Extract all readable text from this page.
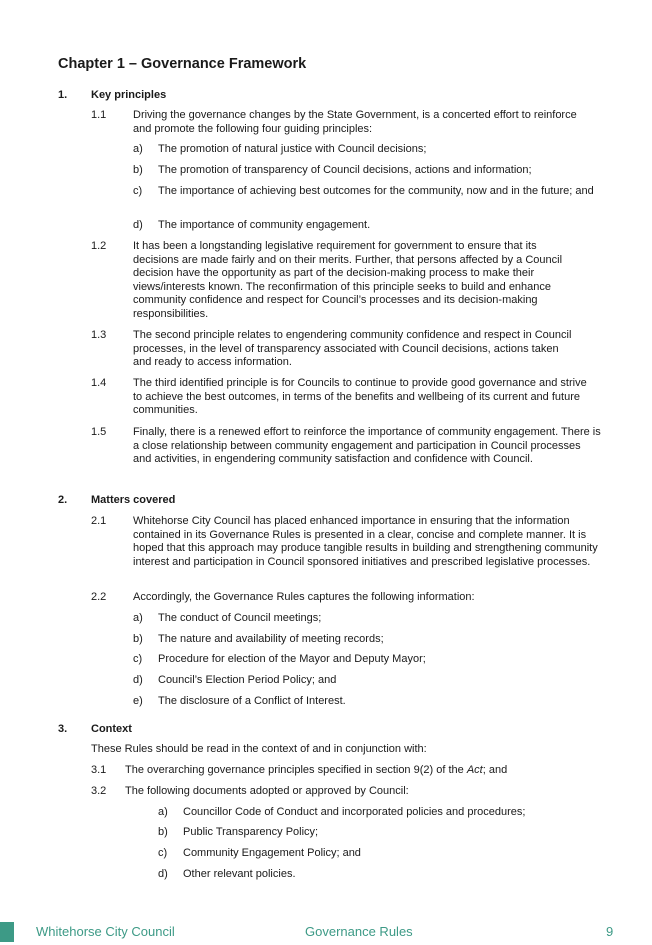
Chapter 1 – Governance Framework
1. Key principles
1.1 Driving the governance changes by the State Government, is a concerted effort to reinforce and promote the following four guiding principles:
a) The promotion of natural justice with Council decisions;
b) The promotion of transparency of Council decisions, actions and information;
c) The importance of achieving best outcomes for the community, now and in the future; and
d) The importance of community engagement.
1.2 It has been a longstanding legislative requirement for government to ensure that its decisions are made fairly and on their merits. Further, that persons affected by a Council decision have the opportunity as part of the decision-making process to make their views/interests known. The reconfirmation of this principle seeks to build and enhance community confidence and respect for Council’s processes and its decision-making responsibilities.
1.3 The second principle relates to engendering community confidence and respect in Council processes, in the level of transparency associated with Council decisions, actions taken and ready to access information.
1.4 The third identified principle is for Councils to continue to provide good governance and strive to achieve the best outcomes, in terms of the benefits and wellbeing of its current and future communities.
1.5 Finally, there is a renewed effort to reinforce the importance of community engagement. There is a close relationship between community engagement and participation in Council processes and activities, in engendering community satisfaction and confidence with Council.
2. Matters covered
2.1 Whitehorse City Council has placed enhanced importance in ensuring that the information contained in its Governance Rules is presented in a clear, concise and complete manner. It is hoped that this approach may produce tangible results in building and strengthening community interest and participation in Council sponsored initiatives and prescribed legislative processes.
2.2 Accordingly, the Governance Rules captures the following information:
a) The conduct of Council meetings;
b) The nature and availability of meeting records;
c) Procedure for election of the Mayor and Deputy Mayor;
d) Council’s Election Period Policy; and
e) The disclosure of a Conflict of Interest.
3. Context
These Rules should be read in the context of and in conjunction with:
3.1 The overarching governance principles specified in section 9(2) of the Act; and
3.2 The following documents adopted or approved by Council:
a) Councillor Code of Conduct and incorporated policies and procedures;
b) Public Transparency Policy;
c) Community Engagement Policy; and
d) Other relevant policies.
Whitehorse City Council	Governance Rules	9
